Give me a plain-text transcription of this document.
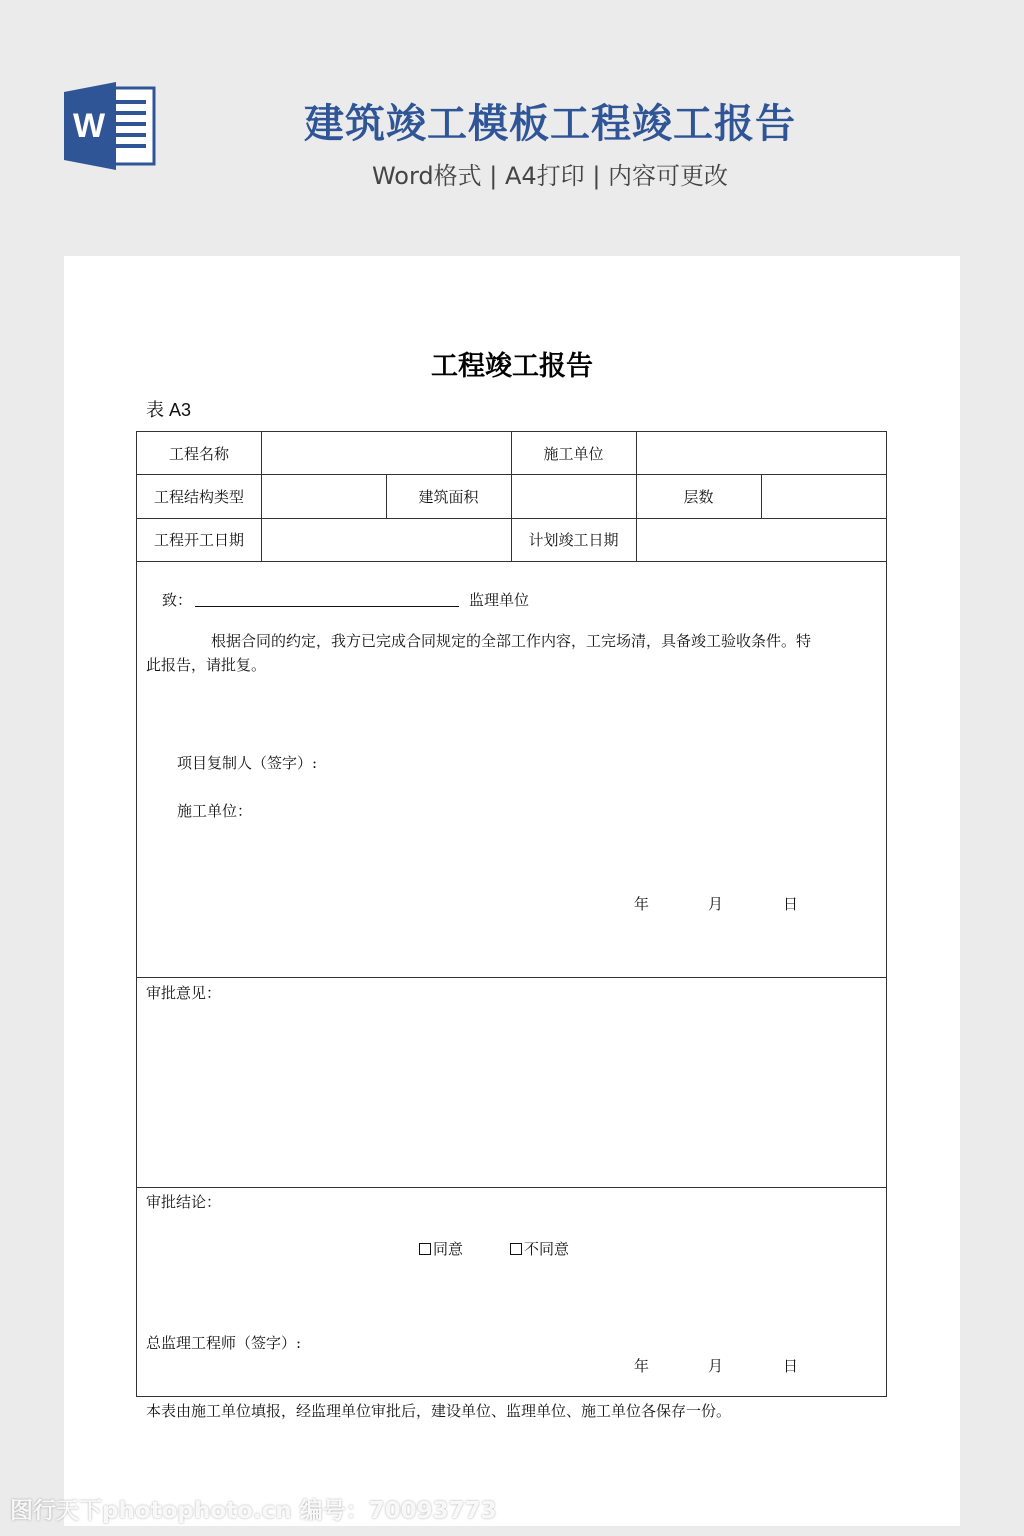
W	建筑竣工模板工程竣工报告
Word格式 | A4打印 | 内容可更改
工程竣工报告
表 A3
工程名称	施工单位
工程结构类型	建筑面积	层数
工程开工日期	计划竣工日期
致：	监理单位
根据合同的约定，我方已完成合同规定的全部工作内容，工完场清，具备竣工验收条件。特
此报告，请批复。
项目复制人（签字）:
施工单位：
年	月	日
审批意见：
审批结论：
同意	不同意
总监理工程师（签字）:
年	月	日
本表由施工单位填报，经监理单位审批后，建设单位、监理单位、施工单位各保存一份。
图行天下photophoto.cn 编号：70093773
